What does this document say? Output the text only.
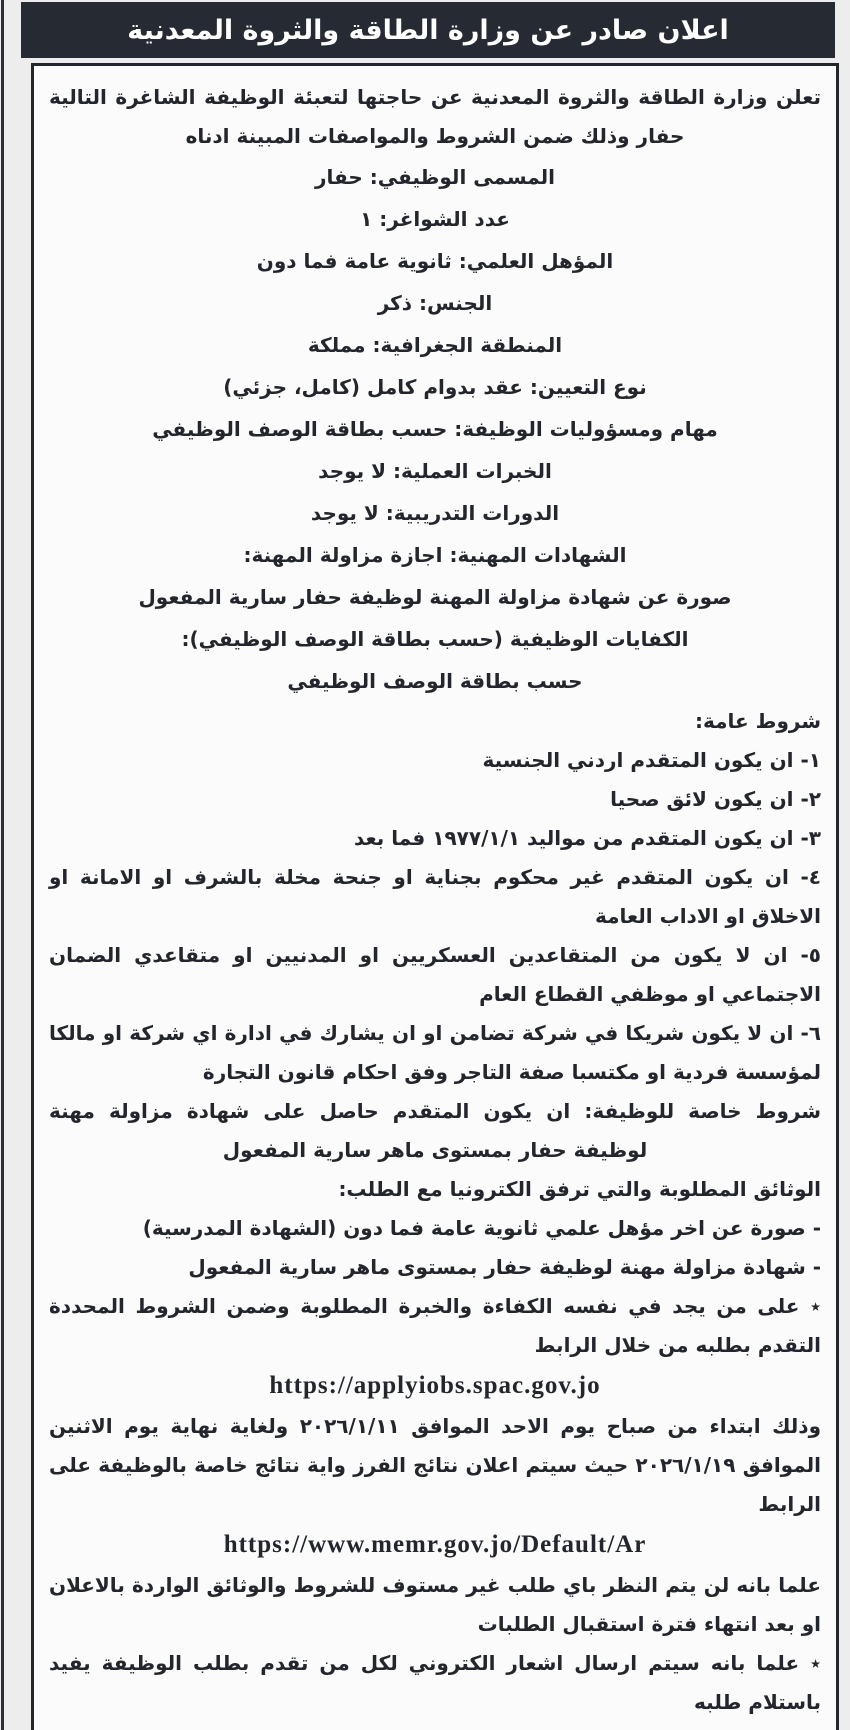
اعلان صادر عن وزارة الطاقة والثروة المعدنية

تعلن وزارة الطاقة والثروة المعدنية عن حاجتها لتعبئة الوظيفة الشاغرة التالية حفار وذلك ضمن الشروط والمواصفات المبينة ادناه

المسمى الوظيفي: حفار
عدد الشواغر: ١
المؤهل العلمي: ثانوية عامة فما دون
الجنس: ذكر
المنطقة الجغرافية: مملكة
نوع التعيين: عقد بدوام كامل (كامل، جزئي)
مهام ومسؤوليات الوظيفة: حسب بطاقة الوصف الوظيفي
الخبرات العملية: لا يوجد
الدورات التدريبية: لا يوجد
الشهادات المهنية: اجازة مزاولة المهنة:
صورة عن شهادة مزاولة المهنة لوظيفة حفار سارية المفعول
الكفايات الوظيفية (حسب بطاقة الوصف الوظيفي):
حسب بطاقة الوصف الوظيفي
شروط عامة:

١- ان يكون المتقدم اردني الجنسية

٢- ان يكون لائق صحيا

٣- ان يكون المتقدم من مواليد ١٩٧٧/١/١ فما بعد

٤- ان يكون المتقدم غير محكوم بجناية او جنحة مخلة بالشرف او الامانة او الاخلاق او الاداب العامة

٥- ان لا يكون من المتقاعدين العسكريين او المدنيين او متقاعدي الضمان الاجتماعي او موظفي القطاع العام

٦- ان لا يكون شريكا في شركة تضامن او ان يشارك في ادارة اي شركة او مالكا لمؤسسة فردية او مكتسبا صفة التاجر وفق احكام قانون التجارة

شروط خاصة للوظيفة: ان يكون المتقدم حاصل على شهادة مزاولة مهنة لوظيفة حفار بمستوى ماهر سارية المفعول

الوثائق المطلوبة والتي ترفق الكترونيا مع الطلب:

- صورة عن اخر مؤهل علمي ثانوية عامة فما دون (الشهادة المدرسية)

- شهادة مزاولة مهنة لوظيفة حفار بمستوى ماهر سارية المفعول

٭ على من يجد في نفسه الكفاءة والخبرة المطلوبة وضمن الشروط المحددة التقدم بطلبه من خلال الرابط

https://applyiobs.spac.gov.jo

وذلك ابتداء من صباح يوم الاحد الموافق ٢٠٢٦/١/١١ ولغاية نهاية يوم الاثنين الموافق ٢٠٢٦/١/١٩ حيث سيتم اعلان نتائج الفرز واية نتائج خاصة بالوظيفة على الرابط

https://www.memr.gov.jo/Default/Ar

علما بانه لن يتم النظر باي طلب غير مستوف للشروط والوثائق الواردة بالاعلان او بعد انتهاء فترة استقبال الطلبات

٭ علما بانه سيتم ارسال اشعار الكتروني لكل من تقدم بطلب الوظيفة يفيد باستلام طلبه
